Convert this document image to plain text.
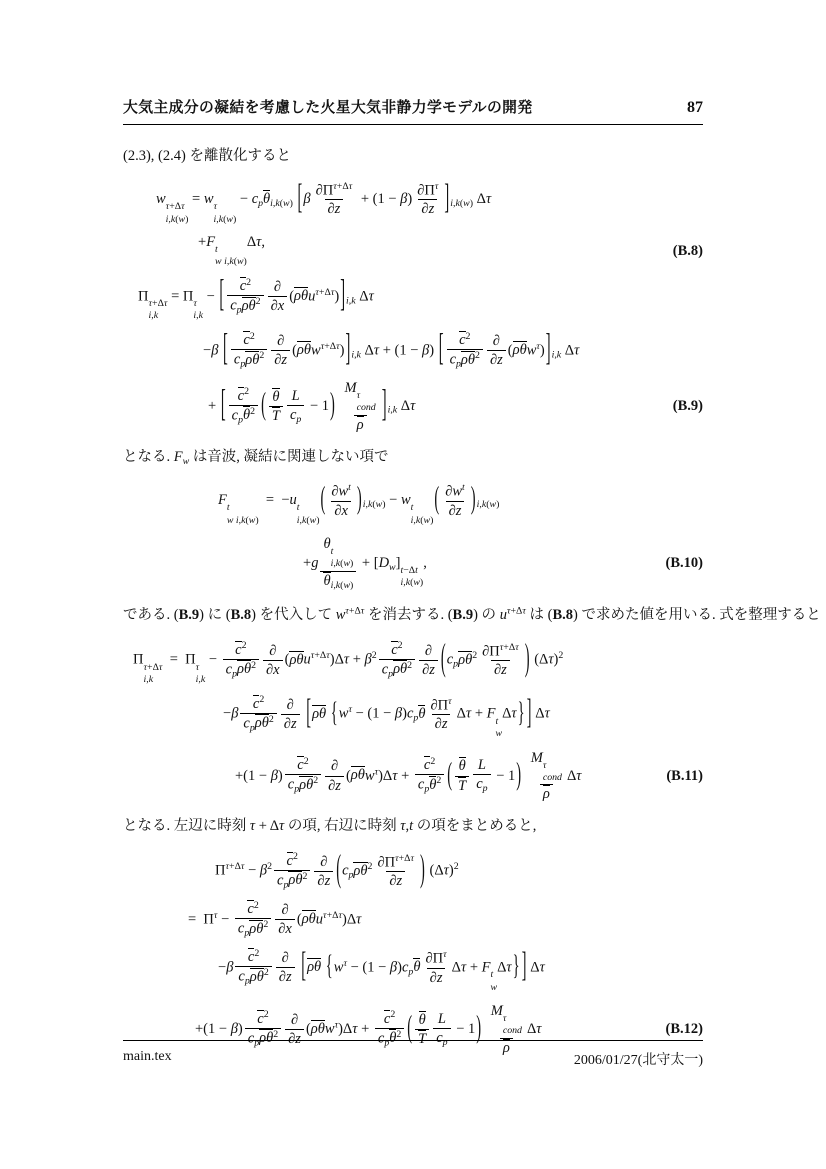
大気主成分の凝結を考慮した火星大気非静力学モデルの開発	87
(2.3), (2.4) を離散化すると
w τ+Δτ
i,k(w)
= w τ
i,k(w)
− $c_p\theta_{i,k(w)}$ $[\beta \frac{\partial\Pi^{\tau+\Delta\tau}}{\partial z} + (1 - \beta) \frac{\partial\Pi^\tau}{\partial z} ]_{i,k(w)}$ Δτ
+F t
w i,k(w)
Δτ,
(B.8)
Π τ+Δτ
i,k
= Π τ
i,k
− [ $\frac{c^2}{c_p\rho\theta^2} \frac{\partial}{\partial x} (\rho\theta u^{\tau+\Delta\tau})]_{i,k}$ Δτ
−β [ $\frac{c^2}{c_p\rho\theta^2} \frac{\partial}{\partial z} (\rho\theta w^{\tau+\Delta\tau})]_{i,k}$ Δτ + (1 − β) [ $\frac{c^2}{c_p\rho\theta^2} \frac{\partial}{\partial z} (\rho\theta w^\tau)]_{i,k}$ Δτ
+ [ $\frac{c^2}{c_p\theta^2}$ ( $\frac{\theta}{T} \frac{L}{c_p} - 1$) M τ
cond
ρ ]$_{i,k}$ Δτ	(B.9)
となる. $F_w$ は音波, 凝結に関連しない項で
F t
w i,k(w)
=  −u t
i,k(w)
( $\frac{\partial w^t}{\partial x} )_{i,k(w)} - w$ t
i,k(w)
( $\frac{\partial w^t}{\partial z} )_{i,k(w)}$
+g θ t
i,k(w)
$\theta_{i,k(w)} + [D_w]$ t−Δt
i,k(w)
,	(B.10)
である. (B.9) に (B.8) を代入して $w^{\tau+\Delta\tau}$ を消去する. (B.9) の $u^{\tau+\Delta\tau}$ は (B.8) で求めた値を用いる. 式を整理すると
Π τ+Δτ
i,k
=  Π τ
i,k
− $\frac{c^2}{c_p\rho\theta^2} \frac{\partial}{\partial x} (\rho\theta u^{\tau+\Delta\tau})\Delta\tau + \beta^2 \frac{c^2}{c_p\rho\theta^2} \frac{\partial}{\partial z} (c_p\rho\theta^2 \frac{\partial\Pi^{\tau+\Delta\tau}}{\partial z}$ ) $(\Delta\tau)^2$
$-\beta \frac{c^2}{c_p\rho\theta^2} \frac{\partial}{\partial z} [\rho\theta$ {$w^\tau - (1 - \beta)c_p\theta \frac{\partial\Pi^\tau}{\partial z}$ Δτ + F t
w
Δτ} ] Δτ
$+(1 - \beta) \frac{c^2}{c_p\rho\theta^2} \frac{\partial}{\partial z} (\rho\theta w^\tau)\Delta\tau + \frac{c^2}{c_p\theta^2}$ ( $\frac{\theta}{T} \frac{L}{c_p} - 1$) M τ
cond
ρ Δτ	(B.11)
となる. 左辺に時刻 τ + Δτ の項, 右辺に時刻 τ,t の項をまとめると,
$\Pi^{\tau+\Delta\tau} - \beta^2 \frac{c^2}{c_p\rho\theta^2} \frac{\partial}{\partial z} (c_p\rho\theta^2 \frac{\partial\Pi^{\tau+\Delta\tau}}{\partial z}$ ) $(\Delta\tau)^2$
=  $\Pi^\tau - \frac{c^2}{c_p\rho\theta^2} \frac{\partial}{\partial x} (\rho\theta u^{\tau+\Delta\tau})\Delta\tau$
$-\beta \frac{c^2}{c_p\rho\theta^2} \frac{\partial}{\partial z} [\rho\theta$ {$w^\tau - (1 - \beta)c_p\theta \frac{\partial\Pi^\tau}{\partial z}$ Δτ + F t
w
Δτ} ] Δτ
$+(1 - \beta) \frac{c^2}{c_p\rho\theta^2} \frac{\partial}{\partial z} (\rho\theta w^\tau)\Delta\tau + \frac{c^2}{c_p\theta^2}$ ( $\frac{\theta}{T} \frac{L}{c_p} - 1$) M τ
cond
ρ Δτ	(B.12)
main.tex	2006/01/27(北守太一)
